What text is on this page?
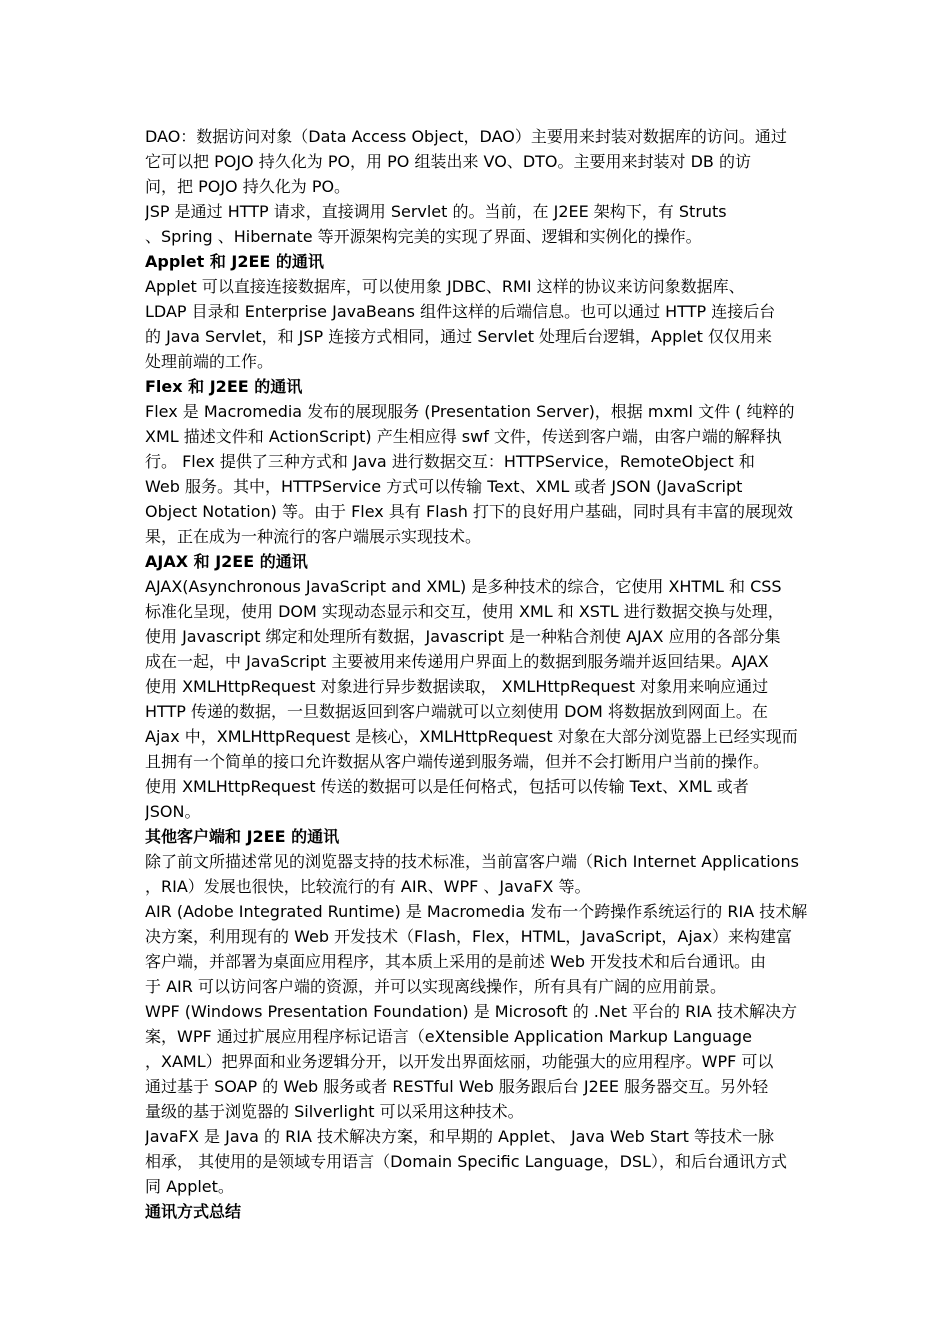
DAO：数据访问对象（Data Access Object，DAO）主要用来封装对数据库的访问。通过
它可以把 POJO 持久化为 PO，用 PO 组装出来 VO、DTO。主要用来封装对 DB 的访
问，把 POJO 持久化为 PO。
JSP 是通过 HTTP 请求，直接调用 Servlet 的。当前，在 J2EE 架构下，有 Struts
、Spring 、Hibernate 等开源架构完美的实现了界面、逻辑和实例化的操作。
Applet 和 J2EE 的通讯
Applet 可以直接连接数据库，可以使用象 JDBC、RMI 这样的协议来访问象数据库、
LDAP 目录和 Enterprise JavaBeans 组件这样的后端信息。也可以通过 HTTP 连接后台
的 Java Servlet，和 JSP 连接方式相同，通过 Servlet 处理后台逻辑，Applet 仅仅用来
处理前端的工作。
Flex 和 J2EE 的通讯
Flex 是 Macromedia 发布的展现服务 (Presentation Server)，根据 mxml 文件 ( 纯粹的
XML 描述文件和 ActionScript) 产生相应得 swf 文件，传送到客户端，由客户端的解释执
行。 Flex 提供了三种方式和 Java 进行数据交互：HTTPService，RemoteObject 和
Web 服务。其中，HTTPService 方式可以传输 Text、XML 或者 JSON (JavaScript
Object Notation) 等。由于 Flex 具有 Flash 打下的良好用户基础，同时具有丰富的展现效
果，正在成为一种流行的客户端展示实现技术。
AJAX 和 J2EE 的通讯
AJAX(Asynchronous JavaScript and XML) 是多种技术的综合，它使用 XHTML 和 CSS
标准化呈现，使用 DOM 实现动态显示和交互，使用 XML 和 XSTL 进行数据交换与处理，
使用 Javascript 绑定和处理所有数据，Javascript 是一种粘合剂使 AJAX 应用的各部分集
成在一起，中 JavaScript 主要被用来传递用户界面上的数据到服务端并返回结果。AJAX
使用 XMLHttpRequest 对象进行异步数据读取， XMLHttpRequest 对象用来响应通过
HTTP 传递的数据，一旦数据返回到客户端就可以立刻使用 DOM 将数据放到网面上。在
Ajax 中，XMLHttpRequest 是核心，XMLHttpRequest 对象在大部分浏览器上已经实现而
且拥有一个简单的接口允许数据从客户端传递到服务端，但并不会打断用户当前的操作。
使用 XMLHttpRequest 传送的数据可以是任何格式，包括可以传输 Text、XML 或者
JSON。
其他客户端和 J2EE 的通讯
除了前文所描述常见的浏览器支持的技术标准，当前富客户端（Rich Internet Applications
，RIA）发展也很快，比较流行的有 AIR、WPF 、JavaFX 等。
AIR (Adobe Integrated Runtime) 是 Macromedia 发布一个跨操作系统运行的 RIA 技术解
决方案，利用现有的 Web 开发技术（Flash，Flex，HTML，JavaScript，Ajax）来构建富
客户端，并部署为桌面应用程序，其本质上采用的是前述 Web 开发技术和后台通讯。由
于 AIR 可以访问客户端的资源，并可以实现离线操作，所有具有广阔的应用前景。
WPF (Windows Presentation Foundation) 是 Microsoft 的 .Net 平台的 RIA 技术解决方
案，WPF 通过扩展应用程序标记语言（eXtensible Application Markup Language
，XAML）把界面和业务逻辑分开，以开发出界面炫丽，功能强大的应用程序。WPF 可以
通过基于 SOAP 的 Web 服务或者 RESTful Web 服务跟后台 J2EE 服务器交互。另外轻
量级的基于浏览器的 Silverlight 可以采用这种技术。
JavaFX 是 Java 的 RIA 技术解决方案，和早期的 Applet、 Java Web Start 等技术一脉
相承， 其使用的是领域专用语言（Domain Specific Language，DSL），和后台通讯方式
同 Applet。
通讯方式总结
